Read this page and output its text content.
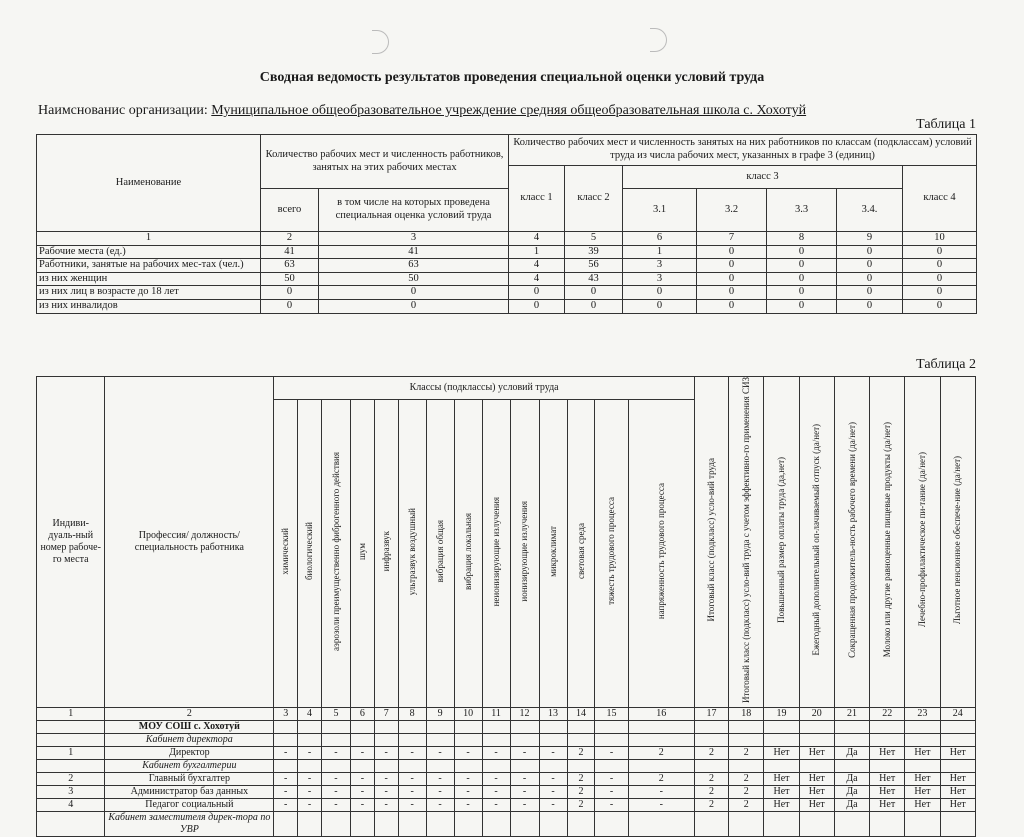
Сводная ведомость результатов проведения специальной оценки условий труда
Наимснованис организации: Муниципальное общеобразовательное учреждение средняя общеобразовательная школа с. Хохотуй
Таблица 1
Наименование	Количество рабочих мест и численность работников, занятых на этих рабочих местах		Количество рабочих мест и численность занятых на них работников по классам (подклассам) условий труда из числа рабочих мест, указанных в графе 3 (единиц)						
			класс 1	класс 2	класс 3				класс 4
	всего	в том числе на которых проведена специальная оценка условий труда			3.1	3.2	3.3	3.4.	
1	2	3	4	5	6	7	8	9	10
Рабочие места (ед.)	41	41	1	39	1	0	0	0	0
Работники, занятые на рабочих мес-тах (чел.)	63	63	4	56	3	0	0	0	0
из них женщин	50	50	4	43	3	0	0	0	0
из них лиц в возрасте до 18 лет	0	0	0	0	0	0	0	0	0
из них инвалидов	0	0	0	0	0	0	0	0	0
Таблица 2
Индиви-дуаль-ный номер рабоче-го места	Профессия/ должность/ специальность работника	Классы (подклассы) условий труда														Итоговый класс (подкласс) усло-вий труда	Итоговый класс (подкласс) усло-вий труда с учетом эффективно-го применения СИЗ	Повышенный размер оплаты труда (да,нет)	Ежегодный дополнительный оп-лачиваемый отпуск (да/нет)	Сокращенная продолжитель-ность рабочего времени (да/нет)	Молоко или другие равноценные пищевые продукты (да/нет)	Лечебно-профилактическое пи-тание (да/нет)	Льготное пенсионное обеспече-ние (да/нет)
		химический	биологический	аэрозоли преимущественно фиброгенного действия	шум	инфразвук	ультразвук воздушный	вибрация общая	вибрация локальная	неионизирующие излучения	ионизирующие излучения	микроклимат	световая среда	тяжесть трудового процесса	напряженность трудового процесса								
1	2	3	4	5	6	7	8	9	10	11	12	13	14	15	16	17	18	19	20	21	22	23	24
	МОУ СОШ с. Хохотуй																						
	Кабинет директора																						
1	Директор	-	-	-	-	-	-	-	-	-	-	-	2	-	2	2	2	Нет	Нет	Да	Нет	Нет	Нет
	Кабинет бухгалтерии																						
2	Главный бухгалтер	-	-	-	-	-	-	-	-	-	-	-	2	-	2	2	2	Нет	Нет	Да	Нет	Нет	Нет
3	Администратор баз данных	-	-	-	-	-	-	-	-	-	-	-	2	-	-	2	2	Нет	Нет	Да	Нет	Нет	Нет
4	Педагог социальный	-	-	-	-	-	-	-	-	-	-	-	2	-	-	2	2	Нет	Нет	Да	Нет	Нет	Нет
	Кабинет заместителя дирек-тора по УВР																						
